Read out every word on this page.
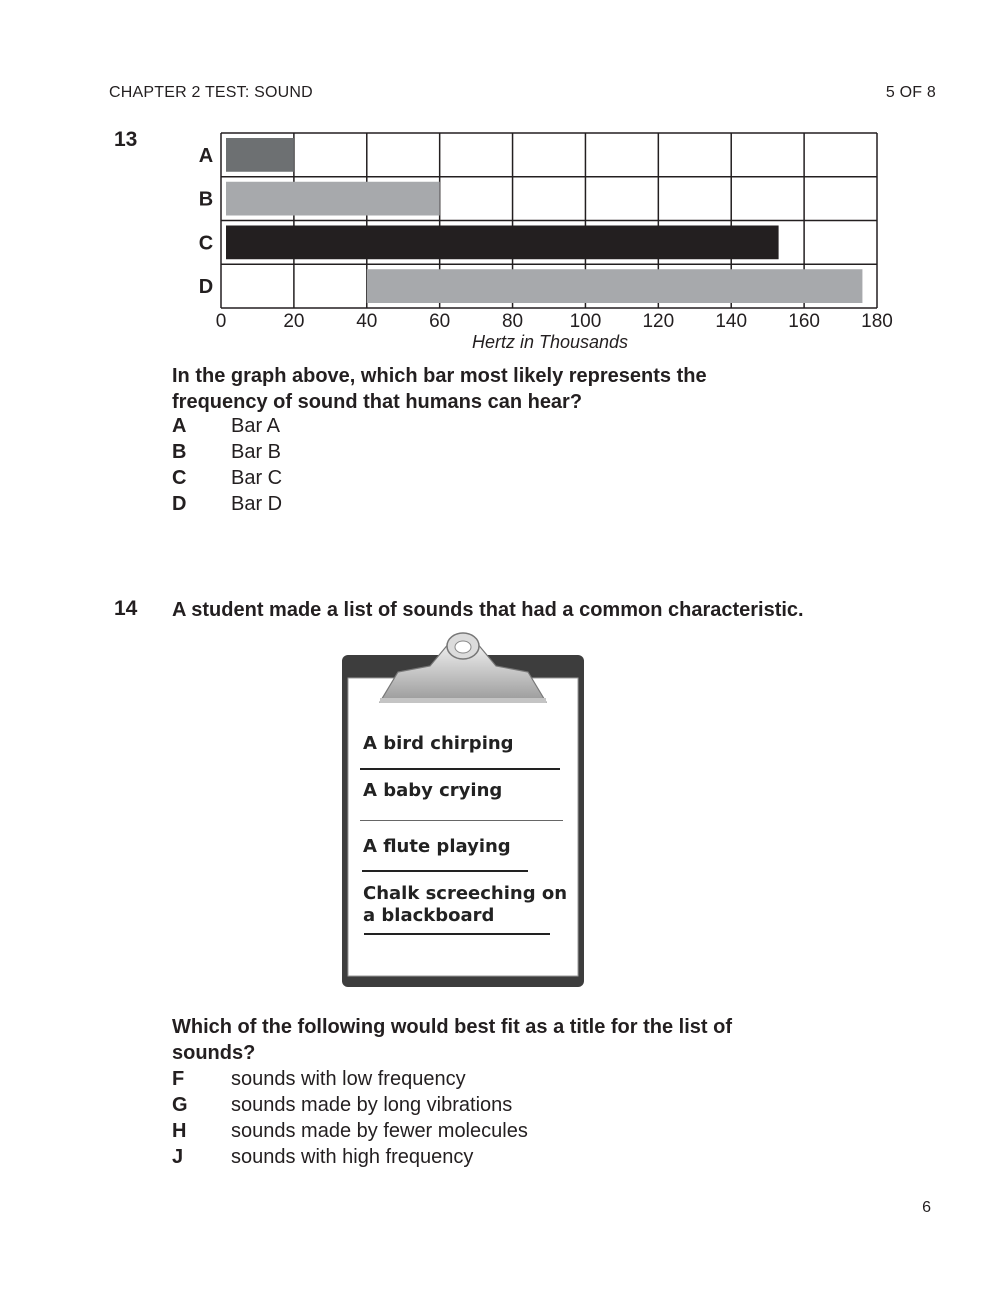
CHAPTER 2 TEST: SOUND	5 OF 8
13
A
B
C
D
0	20	40	60	80 100 120 140 160 180
Hertz in Thousands
In the graph above, which bar most likely represents the
frequency of sound that humans can hear?
A Bar A
B Bar B
C Bar C
D Bar D
14 A student made a list of sounds that had a common characteristic.
A bird chirping
A baby crying
A flute playing
Chalk screeching on
a blackboard
Which of the following would best fit as a title for the list of
sounds?
F sounds with low frequency
G sounds made by long vibrations
H sounds made by fewer molecules
J sounds with high frequency
6
